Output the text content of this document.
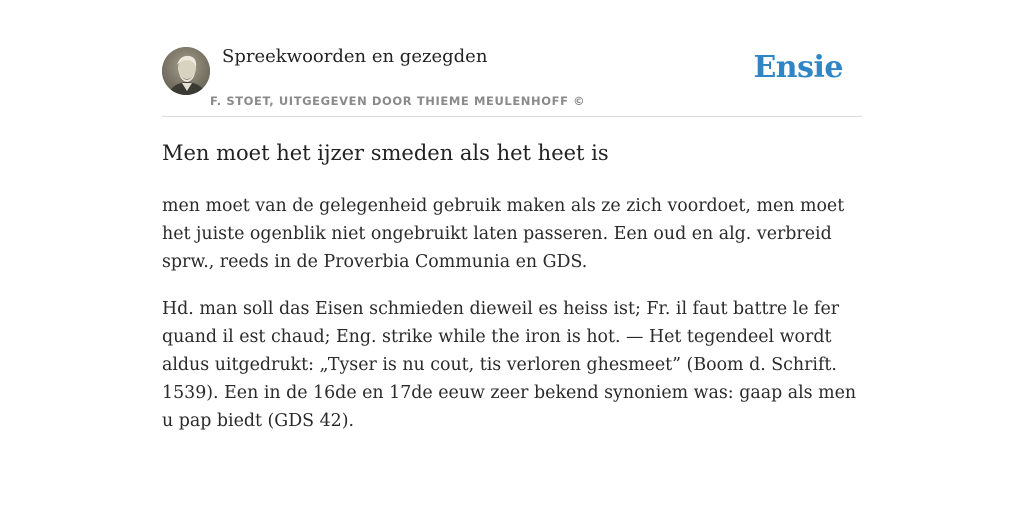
Spreekwoorden en gezegden
F. STOET, UITGEGEVEN DOOR THIEME MEULENHOFF ©
Ensie
Men moet het ijzer smeden als het heet is

men moet van de gelegenheid gebruik maken als ze zich voordoet, men moet het juiste ogenblik niet ongebruikt laten passeren. Een oud en alg. verbreid sprw., reeds in de Proverbia Communia en GDS.

Hd. man soll das Eisen schmieden dieweil es heiss ist; Fr. il faut battre le fer quand il est chaud; Eng. strike while the iron is hot. — Het tegendeel wordt aldus uitgedrukt: „Tyser is nu cout, tis verloren ghesmeet” (Boom d. Schrift. 1539). Een in de 16de en 17de eeuw zeer bekend synoniem was: gaap als men u pap biedt (GDS 42).
